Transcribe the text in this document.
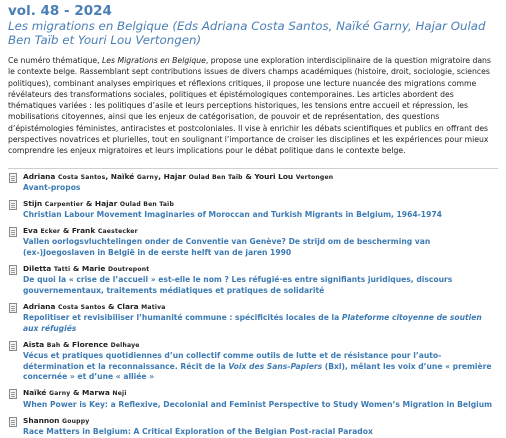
vol. 48 - 2024
Les migrations en Belgique (Eds Adriana Costa Santos, Naïké Garny, Hajar Oulad Ben Taïb et Youri Lou Vertongen)
Ce numéro thématique, Les Migrations en Belgique, propose une exploration interdisciplinaire de la question migratoire dans le contexte belge. Rassemblant sept contributions issues de divers champs académiques (histoire, droit, sociologie, sciences politiques), combinant analyses empiriques et réflexions critiques, il propose une lecture nuancée des migrations comme révélateurs des transformations sociales, politiques et épistémologiques contemporaines. Les articles abordent des thématiques variées : les politiques d’asile et leurs perceptions historiques, les tensions entre accueil et répression, les mobilisations citoyennes, ainsi que les enjeux de catégorisation, de pouvoir et de représentation, des questions d’épistémologies féministes, antiracistes et postcoloniales. Il vise à enrichir les débats scientifiques et publics en offrant des perspectives novatrices et plurielles, tout en soulignant l’importance de croiser les disciplines et les expériences pour mieux comprendre les enjeux migratoires et leurs implications pour le débat politique dans le contexte belge.
Adriana Costa Santos, Naïké Garny, Hajar Oulad Ben Taïb & Youri Lou Vertongen
Avant-propos
Stijn Carpentier & Hajar Oulad Ben Taïb
Christian Labour Movement Imaginaries of Moroccan and Turkish Migrants in Belgium, 1964-1974
Eva Ecker & Frank Caestecker
Vallen oorlogsvluchtelingen onder de Conventie van Genève? De strijd om de bescherming van (ex-)Joegoslaven in België in de eerste helft van de jaren 1990
Diletta Tatti & Marie Doutrepont
De quoi la « crise de l’accueil » est-elle le nom ? Les réfugié·es entre signifiants juridiques, discours gouvernementaux, traitements médiatiques et pratiques de solidarité
Adriana Costa Santos & Clara Mativa
Repolitiser et revisibiliser l’humanité commune : spécificités locales de la Plateforme citoyenne de soutien aux réfugiés
Aïsta Bah & Florence Delhaye
Vécus et pratiques quotidiennes d’un collectif comme outils de lutte et de résistance pour l’auto-détermination et la reconnaissance. Récit de la Voix des Sans-Papiers (Bxl), mêlant les voix d’une « première concernée » et d’une « alliée »
Naïké Garny & Marwa Neji
When Power is Key: a Reflexive, Decolonial and Feminist Perspective to Study Women’s Migration in Belgium
Shannon Gouppy
Race Matters in Belgium: A Critical Exploration of the Belgian Post-racial Paradox
